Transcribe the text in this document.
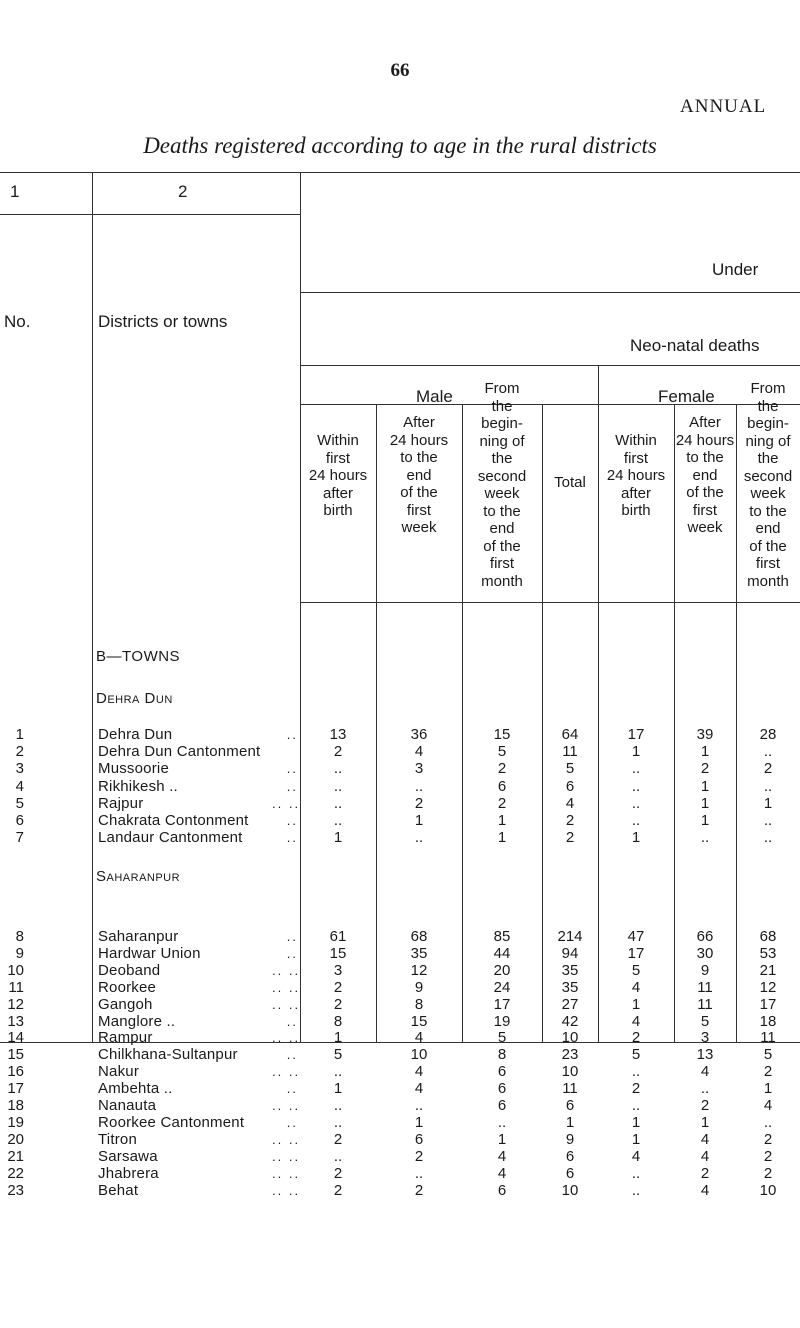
66
ANNUAL
Deaths registered according to age in the rural districts
1	2
No.	Districts or towns
Under
Neo-natal deaths
Male	Female
Within
first
24 hours
after
birth
After
24 hours
to the
end
of the
first
week
From
the
begin-
ning of
the
second
week
to the
end
of the
first
month
Total
Within
first
24 hours
after
birth
After
24 hours
to the
end
of the
first
week
From
the
begin-
ning of
the
second
week
to the
end
of the
first
month
B—TOWNS
Dehra Dun
1	Dehra Dun	..	13	36	15	64	17	39	28
2	Dehra Dun Cantonment	2	4	5	11	1	1	..
3	Mussoorie	..	..	3	2	5	..	2	2
4	Rikhikesh ..	..	..	..	6	6	..	1	..
5	Rajpur	.. ..	..	2	2	4	..	1	1
6	Chakrata Contonment	..	..	1	1	2	..	1	..
7	Landaur Cantonment	..	1	..	1	2	1	..	..
Saharanpur
8	Saharanpur	..	61	68	85	214	47	66	68
9	Hardwar Union	..	15	35	44	94	17	30	53
10	Deoband	.. ..	3	12	20	35	5	9	21
11	Roorkee	.. ..	2	9	24	35	4	11	12
12	Gangoh	.. ..	2	8	17	27	1	11	17
13	Manglore ..	..	8	15	19	42	4	5	18
14	Rampur	.. ..	1	4	5	10	2	3	11
15	Chilkhana-Sultanpur	..	5	10	8	23	5	13	5
16	Nakur	.. ..	..	4	6	10	..	4	2
17	Ambehta ..	..	1	4	6	11	2	..	1
18	Nanauta	.. ..	..	..	6	6	..	2	4
19	Roorkee Cantonment	..	..	1	..	1	1	1	..
20	Titron	.. ..	2	6	1	9	1	4	2
21	Sarsawa	.. ..	..	2	4	6	4	4	2
22	Jhabrera	.. ..	2	..	4	6	..	2	2
23	Behat	.. ..	2	2	6	10	..	4	10
